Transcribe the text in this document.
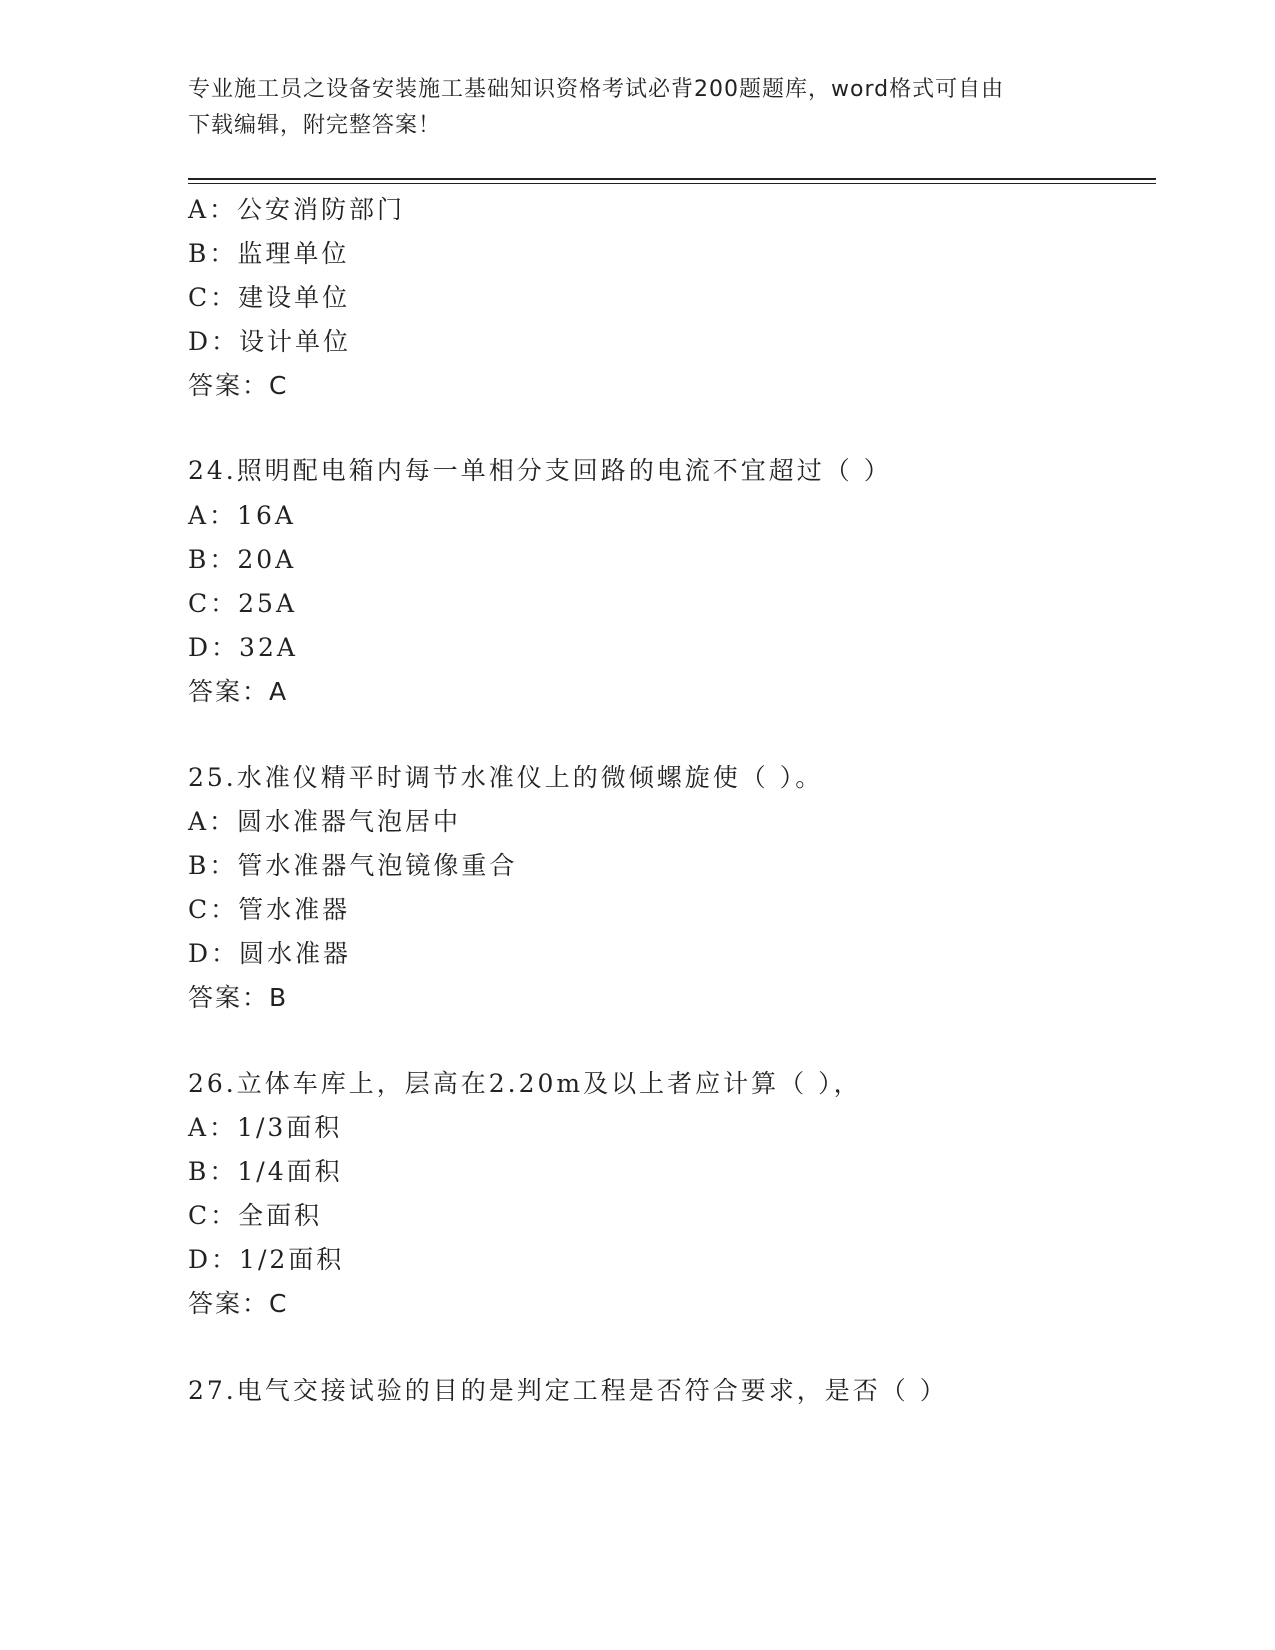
专业施工员之设备安装施工基础知识资格考试必背200题题库，word格式可自由
下载编辑，附完整答案！
A：公安消防部门
B：监理单位
C：建设单位
D：设计单位
答案：C
24.照明配电箱内每一单相分支回路的电流不宜超过（ ）
A：16A
B：20A
C：25A
D：32A
答案：A
25.水准仪精平时调节水准仪上的微倾螺旋使（ ）。
A：圆水准器气泡居中
B：管水准器气泡镜像重合
C：管水准器
D：圆水准器
答案：B
26.立体车库上，层高在2.20m及以上者应计算（ ），
A：1/3面积
B：1/4面积
C：全面积
D：1/2面积
答案：C
27.电气交接试验的目的是判定工程是否符合要求，是否（ ）
